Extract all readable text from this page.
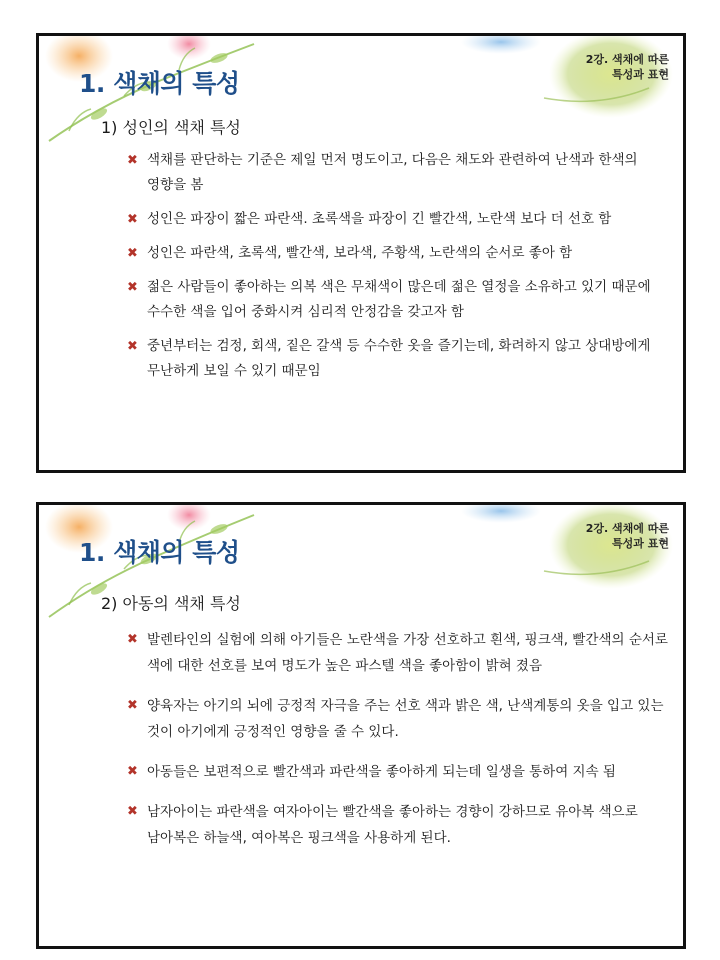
1. 색채의 특성
2강. 색채에 따른
특성과 표현
1) 성인의 색채 특성
✖ 색채를 판단하는 기준은 제일 먼저 명도이고, 다음은 채도와 관련하여 난색과 한색의 영향을 봄
✖ 성인은 파장이 짧은 파란색. 초록색을 파장이 긴 빨간색, 노란색 보다 더 선호 함
✖ 성인은 파란색, 초록색, 빨간색, 보라색, 주황색, 노란색의 순서로 좋아 함
✖ 젊은 사람들이 좋아하는 의복 색은 무채색이 많은데 젊은 열정을 소유하고 있기 때문에 수수한 색을 입어 중화시켜 심리적 안정감을 갖고자 함
✖ 중년부터는 검정, 회색, 짙은 갈색 등 수수한 옷을 즐기는데, 화려하지 않고 상대방에게 무난하게 보일 수 있기 때문임
1. 색채의 특성
2강. 색채에 따른
특성과 표현
2) 아동의 색채 특성
✖ 발렌타인의 실험에 의해 아기들은 노란색을 가장 선호하고 흰색, 핑크색, 빨간색의 순서로 색에 대한 선호를 보여 명도가 높은 파스텔 색을 좋아함이 밝혀 졌음
✖ 양육자는 아기의 뇌에 긍정적 자극을 주는 선호 색과 밝은 색, 난색계통의 옷을 입고 있는 것이 아기에게 긍정적인 영향을 줄 수 있다.
✖ 아동들은 보편적으로 빨간색과 파란색을 좋아하게 되는데 일생을 통하여 지속 됨
✖ 남자아이는 파란색을 여자아이는 빨간색을 좋아하는 경향이 강하므로 유아복 색으로 남아복은 하늘색, 여아복은 핑크색을 사용하게 된다.
